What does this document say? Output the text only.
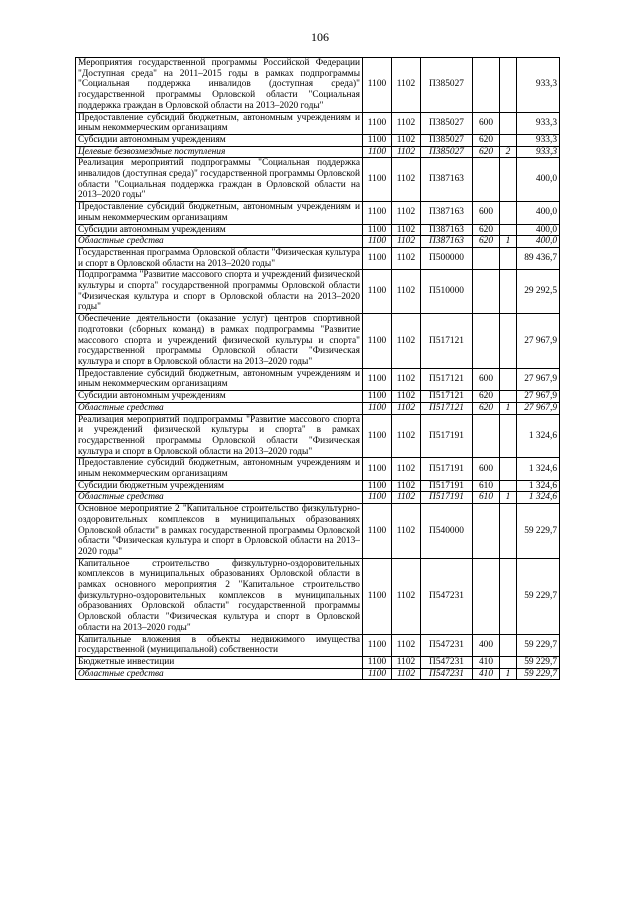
106
Мероприятия государственной программы Российской Федерации "Доступная среда" на 2011–2015 годы в рамках подпрограммы "Социальная поддержка инвалидов (доступная среда)" государственной программы Орловской области "Социальная поддержка граждан в Орловской области на 2013–2020 годы"	1100	1102	П385027			933,3
Предоставление субсидий бюджетным, автономным учреждениям и иным некоммерческим организациям	1100	1102	П385027	600		933,3
Субсидии автономным учреждениям	1100	1102	П385027	620		933,3
Целевые безвозмездные поступления	1100	1102	П385027	620	2	933,3
Реализация мероприятий подпрограммы "Социальная поддержка инвалидов (доступная среда)" государственной программы Орловской области "Социальная поддержка граждан в Орловской области на 2013–2020 годы"	1100	1102	П387163			400,0
Предоставление субсидий бюджетным, автономным учреждениям и иным некоммерческим организациям	1100	1102	П387163	600		400,0
Субсидии автономным учреждениям	1100	1102	П387163	620		400,0
Областные средства	1100	1102	П387163	620	1	400,0
Государственная программа Орловской области "Физическая культура и спорт в Орловской области на 2013–2020 годы"	1100	1102	П500000			89 436,7
Подпрограмма "Развитие массового спорта и учреждений физической культуры и спорта" государственной программы Орловской области "Физическая культура и спорт в Орловской области на 2013–2020 годы"	1100	1102	П510000			29 292,5
Обеспечение деятельности (оказание услуг) центров спортивной подготовки (сборных команд) в рамках подпрограммы "Развитие массового спорта и учреждений физической культуры и спорта" государственной программы Орловской области "Физическая культура и спорт в Орловской области на 2013–2020 годы"	1100	1102	П517121			27 967,9
Предоставление субсидий бюджетным, автономным учреждениям и иным некоммерческим организациям	1100	1102	П517121	600		27 967,9
Субсидии автономным учреждениям	1100	1102	П517121	620		27 967,9
Областные средства	1100	1102	П517121	620	1	27 967,9
Реализация мероприятий подпрограммы "Развитие массового спорта и учреждений физической культуры и спорта" в рамках государственной программы Орловской области "Физическая культура и спорт в Орловской области на 2013–2020 годы"	1100	1102	П517191			1 324,6
Предоставление субсидий бюджетным, автономным учреждениям и иным некоммерческим организациям	1100	1102	П517191	600		1 324,6
Субсидии бюджетным учреждениям	1100	1102	П517191	610		1 324,6
Областные средства	1100	1102	П517191	610	1	1 324,6
Основное мероприятие 2 "Капитальное строительство физкультурно-оздоровительных комплексов в муниципальных образованиях Орловской области" в рамках государственной программы Орловской области "Физическая культура и спорт в Орловской области на 2013–2020 годы"	1100	1102	П540000			59 229,7
Капитальное строительство физкультурно-оздоровительных комплексов в муниципальных образованиях Орловской области в рамках основного мероприятия 2 "Капитальное строительство физкультурно-оздоровительных комплексов в муниципальных образованиях Орловской области" государственной программы Орловской области "Физическая культура и спорт в Орловской области на 2013–2020 годы"	1100	1102	П547231			59 229,7
Капитальные вложения в объекты недвижимого имущества государственной (муниципальной) собственности	1100	1102	П547231	400		59 229,7
Бюджетные инвестиции	1100	1102	П547231	410		59 229,7
Областные средства	1100	1102	П547231	410	1	59 229,7
